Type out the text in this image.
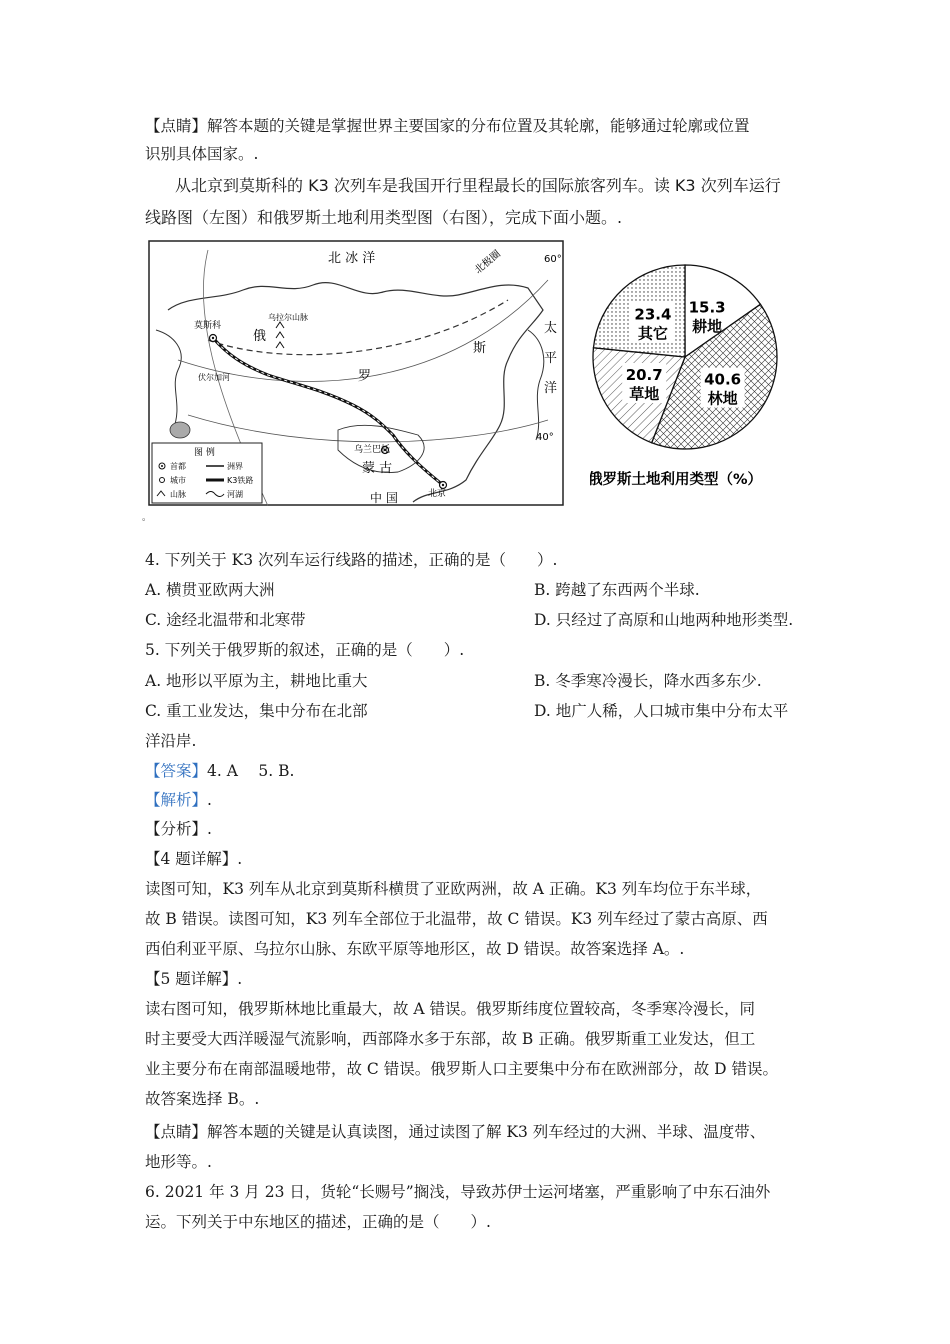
【点睛】解答本题的关键是掌握世界主要国家的分布位置及其轮廓，能够通过轮廓或位置
识别具体国家。.
从北京到莫斯科的 K3 次列车是我国开行里程最长的国际旅客列车。读 K3 次列车运行
线路图（左图）和俄罗斯土地利用类型图（右图），完成下面小题。.
北 冰 洋	北极圈	60°
40°
莫斯科
俄
罗
斯
太
平
洋
乌拉尔山脉
伏尔加河
乌兰巴托
蒙 古
中 国	北京
图 例
首都	洲界
城市	K3铁路
山脉	河湖
15.3
耕地
40.6
林地
20.7
草地
23.4
其它
俄罗斯土地利用类型（%）
。
4. 下列关于 K3 次列车运行线路的描述，正确的是（　　）.
A. 横贯亚欧两大洲	B. 跨越了东西两个半球.
C. 途经北温带和北寒带	D. 只经过了高原和山地两种地形类型.
5. 下列关于俄罗斯的叙述，正确的是（　　）.
A. 地形以平原为主，耕地比重大	B. 冬季寒冷漫长，降水西多东少.
C. 重工业发达，集中分布在北部	D. 地广人稀，人口城市集中分布太平
洋沿岸.
【答案】4. A　 5. B.
【解析】.
【分析】.
【4 题详解】.
读图可知，K3 列车从北京到莫斯科横贯了亚欧两洲，故 A 正确。K3 列车均位于东半球，
故 B 错误。读图可知，K3 列车全部位于北温带，故 C 错误。K3 列车经过了蒙古高原、西
西伯利亚平原、乌拉尔山脉、东欧平原等地形区，故 D 错误。故答案选择 A。.
【5 题详解】.
读右图可知，俄罗斯林地比重最大，故 A 错误。俄罗斯纬度位置较高，冬季寒冷漫长，同
时主要受大西洋暖湿气流影响，西部降水多于东部，故 B 正确。俄罗斯重工业发达，但工
业主要分布在南部温暖地带，故 C 错误。俄罗斯人口主要集中分布在欧洲部分，故 D 错误。
故答案选择 B。.
【点睛】解答本题的关键是认真读图，通过读图了解 K3 列车经过的大洲、半球、温度带、
地形等。.
6. 2021 年 3 月 23 日，货轮“长赐号”搁浅，导致苏伊士运河堵塞，严重影响了中东石油外
运。下列关于中东地区的描述，正确的是（　　）.
